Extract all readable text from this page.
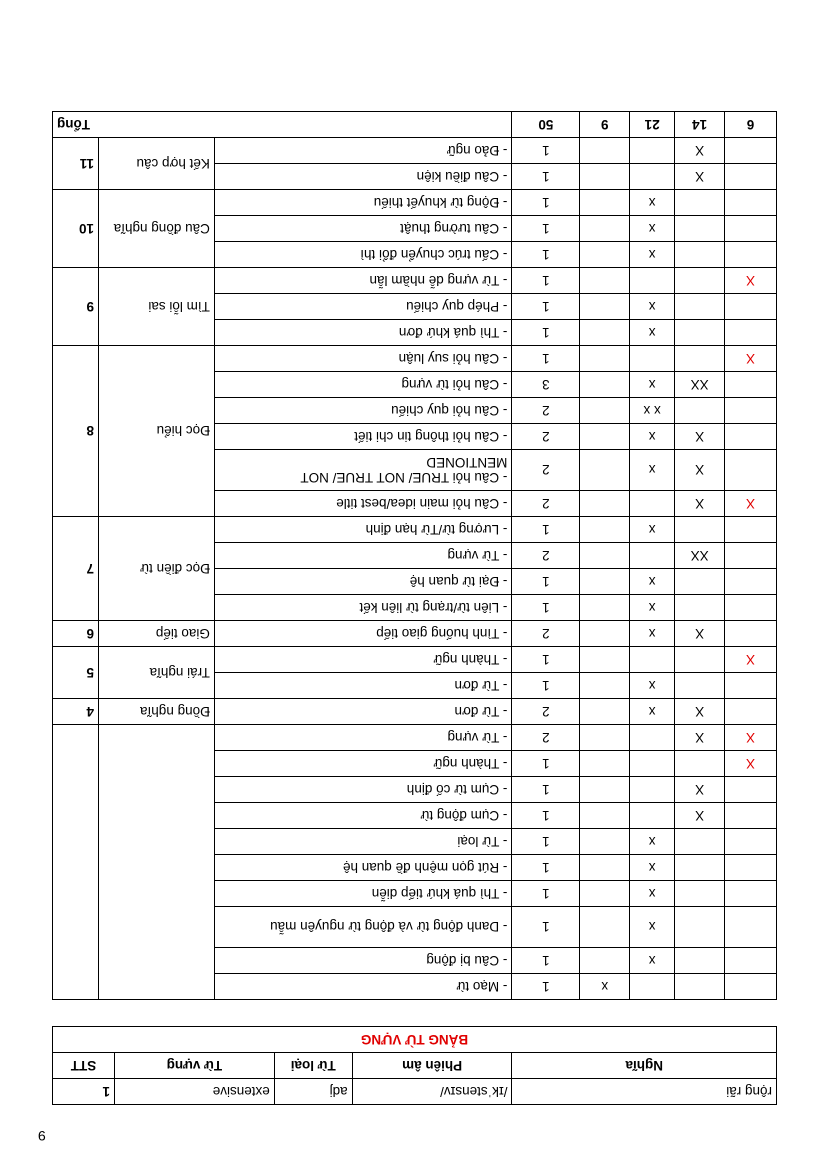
			x	1	- Mạo từ		
		x		1	- Câu bị động		
		x		1	- Danh động từ và động từ nguyên mẫu		
		x		1	- Thì quá khứ tiếp diễn		
		x		1	- Rút gọn mệnh đề quan hệ		
		x		1	- Từ loại		
	X			1	- Cụm động từ		
	X			1	- Cụm từ cố định		
X				1	- Thành ngữ		
X	X			2	- Từ vựng		
	X	x		2	- Từ đơn	Đồng nghĩa	4
		x		1	- Từ đơn	Trái nghĩa	5
X				1	- Thành ngữ		
	X	x		2	- Tình huống giao tiếp	Giao tiếp	6
		x		1	- Liên từ/trạng từ liên kết	Đọc điền từ	7
		x		1	- Đại từ quan hệ		
	XX			2	- Từ vựng		
		x		1	- Lượng từ/Từ hạn định		
X	X			2	- Câu hỏi main idea/best title	Đọc hiểu	8
	X	x		2	- Câu hỏi TRUE/ NOT TRUE/ NOT MENTIONED		
	X	x		2	- Câu hỏi thông tin chi tiết		
		x x		2	- Câu hỏi quy chiếu		
	XX	x		3	- Câu hỏi từ vựng		
X				1	- Câu hỏi suy luận		
		x		1	- Thì quá khứ đơn	Tìm lỗi sai	9
		x		1	- Phép quy chiếu		
X				1	- Từ vựng dễ nhầm lẫn		
		x		1	- Cấu trúc chuyển đổi thì	Câu đồng nghĩa	10
		x		1	- Câu tường thuật		
		x		1	- Động từ khuyết thiếu		
	X			1	- Câu điều kiện	Kết hợp câu	11
	X			1	- Đảo ngữ		
6	14	21	9	50	Tổng		
rộng rãi	/ɪkˈstensɪv/	adj	extensive	1
Nghĩa	Phiên âm	Từ loại	Từ vựng	STT
BẢNG TỪ VỰNG				
9
